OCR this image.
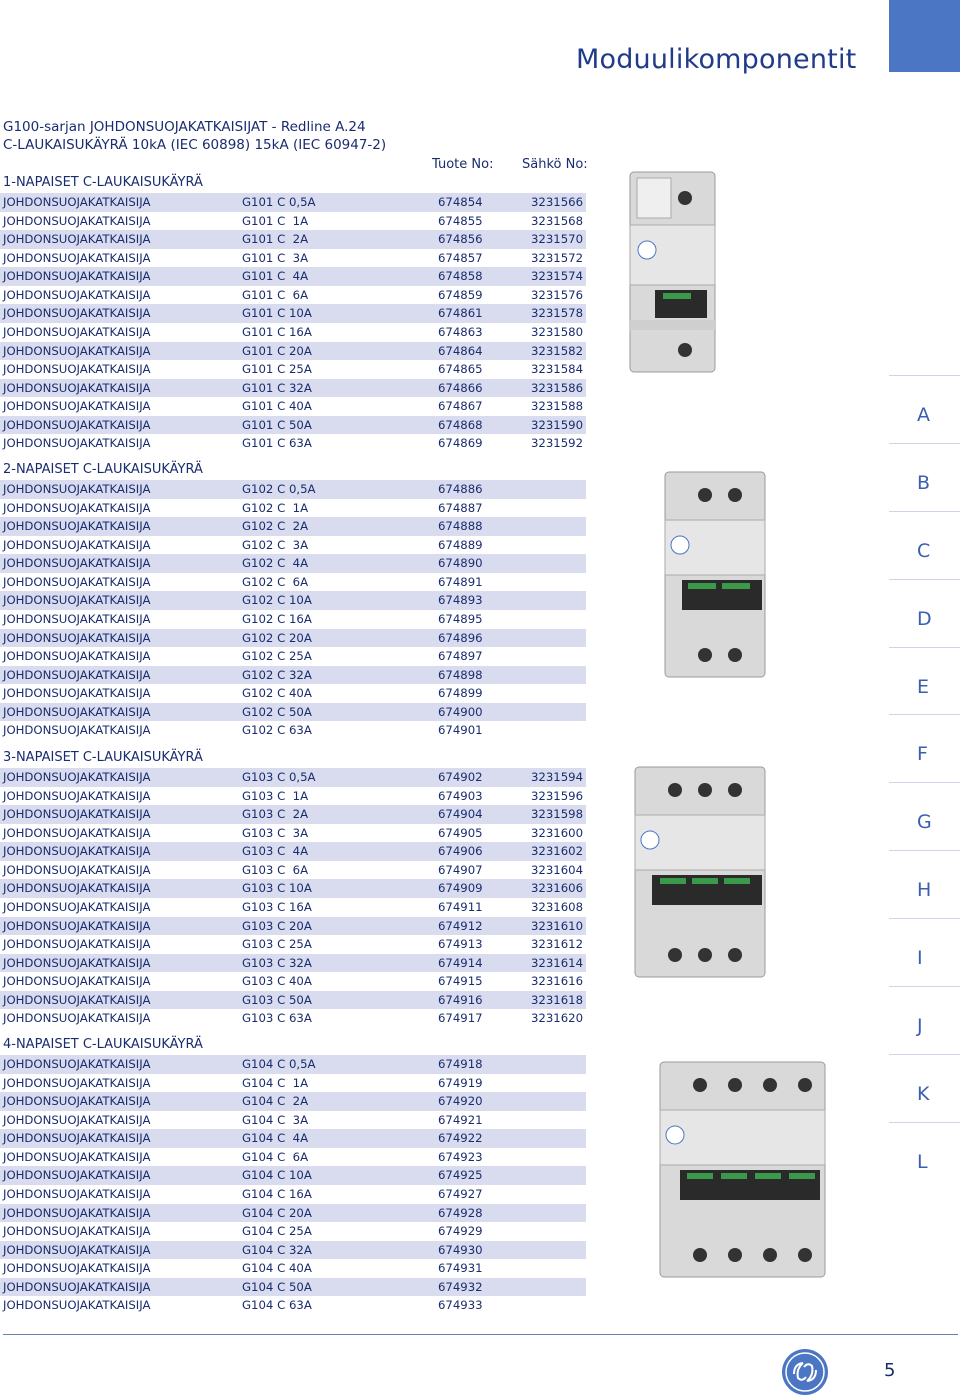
Moduulikomponentit
G100-sarjan JOHDONSUOJAKATKAISIJAT - Redline A.24
C-LAUKAISUKÄYRÄ 10kA (IEC 60898) 15kA (IEC 60947-2)
Tuote No: Sähkö No:
1-NAPAISET C-LAUKAISUKÄYRÄ
JOHDONSUOJAKATKAISIJA	G101 C 0,5A	674854	3231566
JOHDONSUOJAKATKAISIJA	G101 C  1A	674855	3231568
JOHDONSUOJAKATKAISIJA	G101 C  2A	674856	3231570
JOHDONSUOJAKATKAISIJA	G101 C  3A	674857	3231572
JOHDONSUOJAKATKAISIJA	G101 C  4A	674858	3231574
JOHDONSUOJAKATKAISIJA	G101 C  6A	674859	3231576
JOHDONSUOJAKATKAISIJA	G101 C 10A	674861	3231578
JOHDONSUOJAKATKAISIJA	G101 C 16A	674863	3231580
JOHDONSUOJAKATKAISIJA	G101 C 20A	674864	3231582
JOHDONSUOJAKATKAISIJA	G101 C 25A	674865	3231584
JOHDONSUOJAKATKAISIJA	G101 C 32A	674866	3231586
JOHDONSUOJAKATKAISIJA	G101 C 40A	674867	3231588
JOHDONSUOJAKATKAISIJA	G101 C 50A	674868	3231590
JOHDONSUOJAKATKAISIJA	G101 C 63A	674869	3231592
2-NAPAISET C-LAUKAISUKÄYRÄ
JOHDONSUOJAKATKAISIJA	G102 C 0,5A	674886
JOHDONSUOJAKATKAISIJA	G102 C  1A	674887
JOHDONSUOJAKATKAISIJA	G102 C  2A	674888
JOHDONSUOJAKATKAISIJA	G102 C  3A	674889
JOHDONSUOJAKATKAISIJA	G102 C  4A	674890
JOHDONSUOJAKATKAISIJA	G102 C  6A	674891
JOHDONSUOJAKATKAISIJA	G102 C 10A	674893
JOHDONSUOJAKATKAISIJA	G102 C 16A	674895
JOHDONSUOJAKATKAISIJA	G102 C 20A	674896
JOHDONSUOJAKATKAISIJA	G102 C 25A	674897
JOHDONSUOJAKATKAISIJA	G102 C 32A	674898
JOHDONSUOJAKATKAISIJA	G102 C 40A	674899
JOHDONSUOJAKATKAISIJA	G102 C 50A	674900
JOHDONSUOJAKATKAISIJA	G102 C 63A	674901
3-NAPAISET C-LAUKAISUKÄYRÄ
JOHDONSUOJAKATKAISIJA	G103 C 0,5A	674902	3231594
JOHDONSUOJAKATKAISIJA	G103 C  1A	674903	3231596
JOHDONSUOJAKATKAISIJA	G103 C  2A	674904	3231598
JOHDONSUOJAKATKAISIJA	G103 C  3A	674905	3231600
JOHDONSUOJAKATKAISIJA	G103 C  4A	674906	3231602
JOHDONSUOJAKATKAISIJA	G103 C  6A	674907	3231604
JOHDONSUOJAKATKAISIJA	G103 C 10A	674909	3231606
JOHDONSUOJAKATKAISIJA	G103 C 16A	674911	3231608
JOHDONSUOJAKATKAISIJA	G103 C 20A	674912	3231610
JOHDONSUOJAKATKAISIJA	G103 C 25A	674913	3231612
JOHDONSUOJAKATKAISIJA	G103 C 32A	674914	3231614
JOHDONSUOJAKATKAISIJA	G103 C 40A	674915	3231616
JOHDONSUOJAKATKAISIJA	G103 C 50A	674916	3231618
JOHDONSUOJAKATKAISIJA	G103 C 63A	674917	3231620
4-NAPAISET C-LAUKAISUKÄYRÄ
JOHDONSUOJAKATKAISIJA	G104 C 0,5A	674918
JOHDONSUOJAKATKAISIJA	G104 C  1A	674919
JOHDONSUOJAKATKAISIJA	G104 C  2A	674920
JOHDONSUOJAKATKAISIJA	G104 C  3A	674921
JOHDONSUOJAKATKAISIJA	G104 C  4A	674922
JOHDONSUOJAKATKAISIJA	G104 C  6A	674923
JOHDONSUOJAKATKAISIJA	G104 C 10A	674925
JOHDONSUOJAKATKAISIJA	G104 C 16A	674927
JOHDONSUOJAKATKAISIJA	G104 C 20A	674928
JOHDONSUOJAKATKAISIJA	G104 C 25A	674929
JOHDONSUOJAKATKAISIJA	G104 C 32A	674930
JOHDONSUOJAKATKAISIJA	G104 C 40A	674931
JOHDONSUOJAKATKAISIJA	G104 C 50A	674932
JOHDONSUOJAKATKAISIJA	G104 C 63A	674933
A
B
C
D
E
F
G
H
I
J
K
L
5
